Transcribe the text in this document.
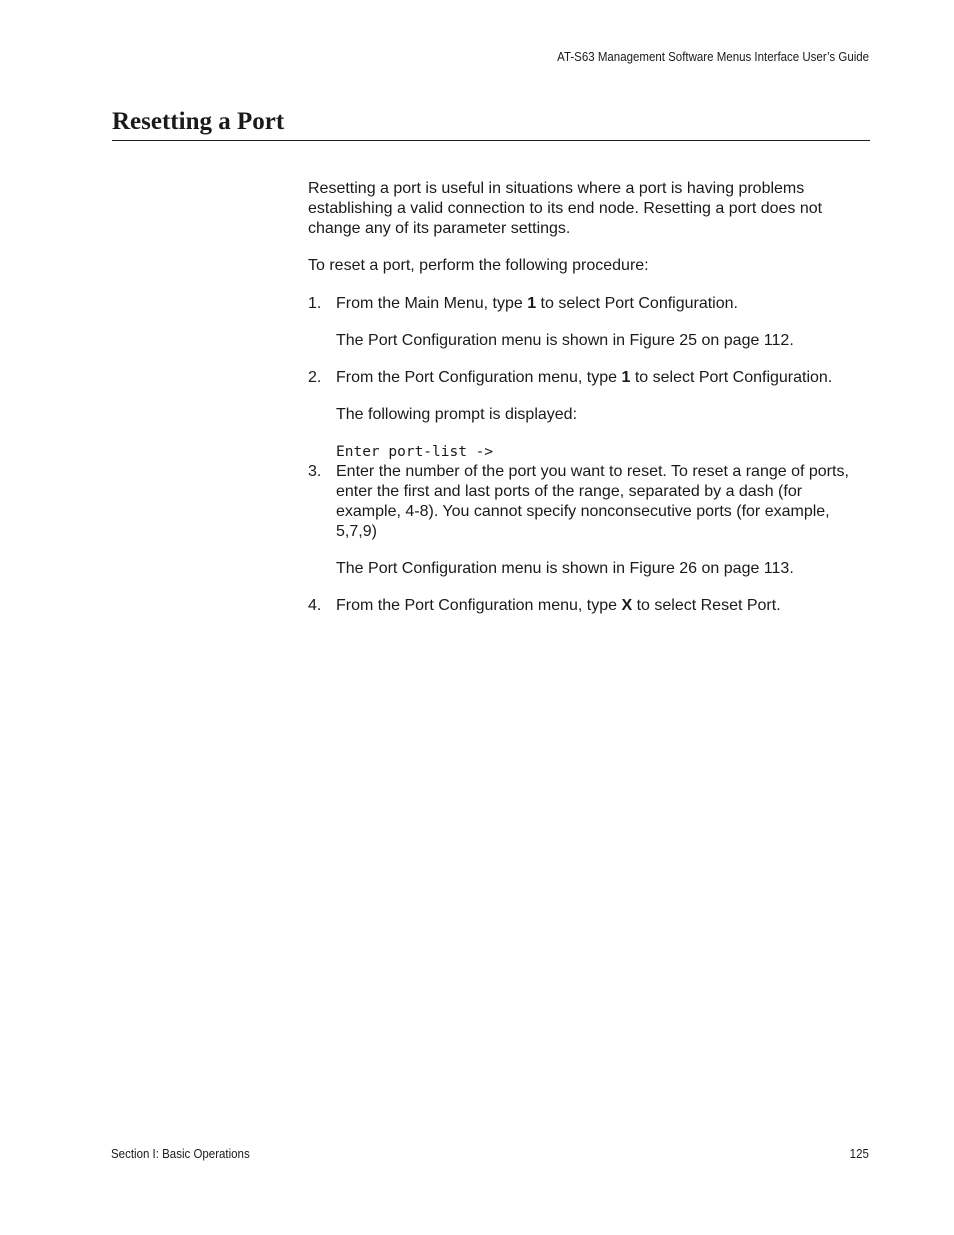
AT-S63 Management Software Menus Interface User’s Guide
Resetting a Port

Resetting a port is useful in situations where a port is having problems establishing a valid connection to its end node. Resetting a port does not change any of its parameter settings.

To reset a port, perform the following procedure:

1. From the Main Menu, type 1 to select Port Configuration.

The Port Configuration menu is shown in Figure 25 on page 112.

2. From the Port Configuration menu, type 1 to select Port Configuration.

The following prompt is displayed:

Enter port-list ->

3. Enter the number of the port you want to reset. To reset a range of ports, enter the first and last ports of the range, separated by a dash (for example, 4-8). You cannot specify nonconsecutive ports (for example, 5,7,9)

The Port Configuration menu is shown in Figure 26 on page 113.

4. From the Port Configuration menu, type X to select Reset Port.

Section I: Basic Operations	125
